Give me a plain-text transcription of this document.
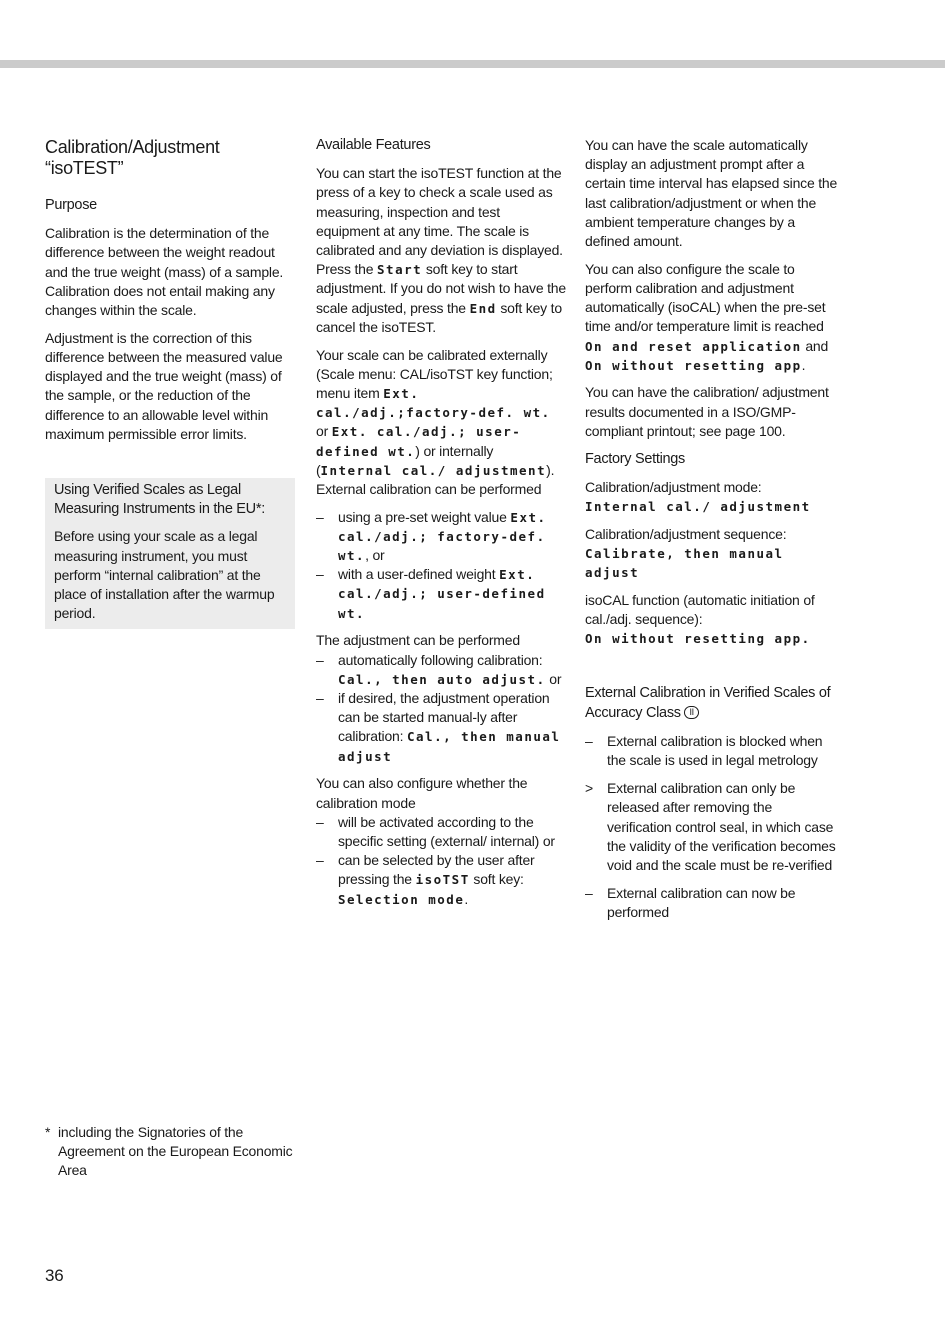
Calibration/Adjustment “isoTEST”
Purpose

Calibration is the determination of the difference between the weight readout and the true weight (mass) of a sample. Calibration does not entail making any changes within the scale.

Adjustment is the correction of this difference between the measured value displayed and the true weight (mass) of the sample, or the reduction of the difference to an allowable level within maximum permissible error limits.

Using Verified Scales as Legal Measuring Instruments in the EU*:

Before using your scale as a legal measuring instrument, you must perform “internal calibration” at the place of installation after the warmup period.

Available Features

You can start the isoTEST function at the press of a key to check a scale used as measuring, inspection and test equipment at any time. The scale is calibrated and any deviation is displayed. Press the Start soft key to start adjustment. If you do not wish to have the scale adjusted, press the End soft key to cancel the isoTEST.

Your scale can be calibrated externally (Scale menu: CAL/isoTST key function; menu item Ext. cal./adj.;factory-def. wt. or Ext. cal./adj.; user-defined wt.) or internally (Internal cal./ adjustment).
External calibration can be performed

– using a pre-set weight value Ext. cal./adj.; factory-def. wt., or
– with a user-defined weight Ext. cal./adj.; user-defined wt.

The adjustment can be performed

– automatically following calibration: Cal., then auto adjust. or
– if desired, the adjustment operation can be started manual-ly after calibration: Cal., then manual adjust

You can also configure whether the calibration mode

– will be activated according to the specific setting (external/ internal) or
– can be selected by the user after pressing the isoTST soft key: Selection mode.

You can have the scale automatically display an adjustment prompt after a certain time interval has elapsed since the last calibration/adjustment or when the ambient temperature changes by a defined amount.

You can also configure the scale to perform calibration and adjustment automatically (isoCAL) when the pre-set time and/or temperature limit is reached On and reset application and On without resetting app.

You can have the calibration/ adjustment results documented in a ISO/GMP-compliant printout; see page 100.

Factory Settings

Calibration/adjustment mode:
Internal cal./ adjustment

Calibration/adjustment sequence:
Calibrate, then manual adjust

isoCAL function (automatic initiation of cal./adj. sequence):
On without resetting app.

External Calibration in Verified Scales of Accuracy Class II
– External calibration is blocked when the scale is used in legal metrology
> External calibration can only be released after removing the verification control seal, in which case the validity of the verification becomes void and the scale must be re-verified
– External calibration can now be performed
* including the Signatories of the Agreement on the European Economic Area
36
